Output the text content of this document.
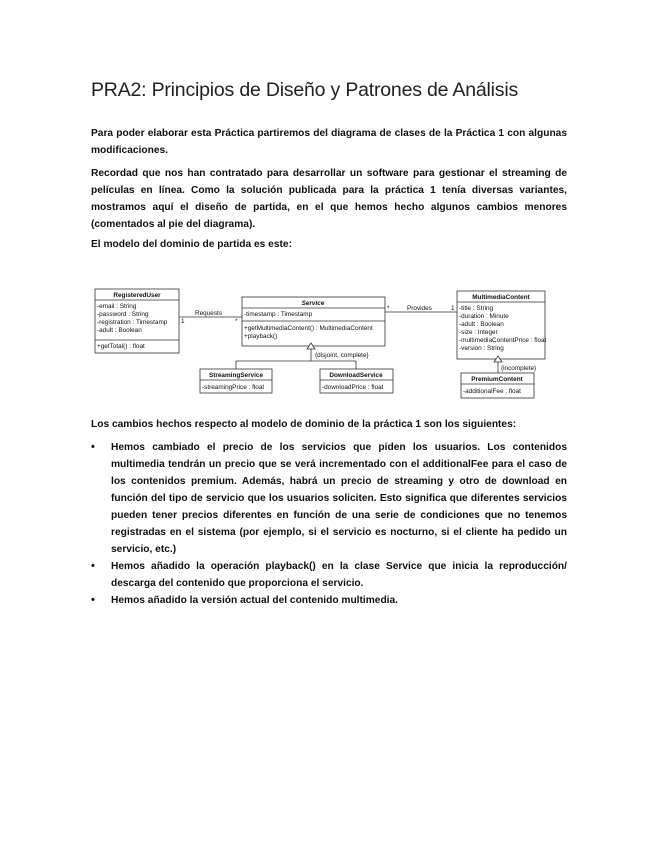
PRA2: Principios de Diseño y Patrones de Análisis
Para poder elaborar esta Práctica partiremos del diagrama de clases de la Práctica 1 con algunas modificaciones.
Recordad que nos han contratado para desarrollar un software para gestionar el streaming de películas en línea. Como la solución publicada para la práctica 1 tenía diversas variantes, mostramos aquí el diseño de partida, en el que hemos hecho algunos cambios menores (comentados al pie del diagrama).
El modelo del dominio de partida es este:
RegisteredUser
-email : String
-password : String
-registration : Timestamp
-adult : Boolean
+getTotal() : float
Service
-timestamp : Timestamp
+getMultimediaContent() : MultimediaContent
+playback()
MultimediaContent
-title : String
-duration : Minute
-adult : Boolean
-size : Integer
-multimediaContentPrice : float
-version : String
StreamingService
-streamingPrice : float
DownloadService
-downloadPrice : float
PremiumContent
-additionalFee : float
Requests
1	*
Provides
*	1
{disjoint, complete}
{incomplete}
Los cambios hechos respecto al modelo de dominio de la práctica 1 son los siguientes:
• Hemos cambiado el precio de los servicios que piden los usuarios. Los contenidos multimedia tendrán un precio que se verá incrementado con el additionalFee para el caso de los contenidos premium. Además, habrá un precio de streaming y otro de download en función del tipo de servicio que los usuarios soliciten. Esto significa que diferentes servicios pueden tener precios diferentes en función de una serie de condiciones que no tenemos registradas en el sistema (por ejemplo, si el servicio es nocturno, si el cliente ha pedido un servicio, etc.)
• Hemos añadido la operación playback() en la clase Service que inicia la reproducción/ descarga del contenido que proporciona el servicio.
• Hemos añadido la versión actual del contenido multimedia.
